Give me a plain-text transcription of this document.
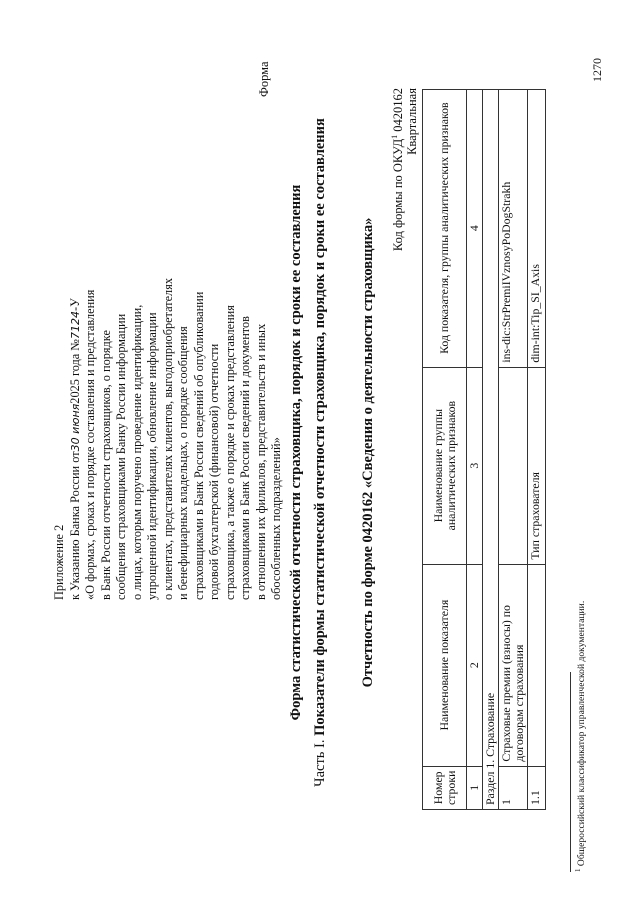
Приложение 2 к Указанию Банка России от30 июня2025 года №7124-У «О формах, сроках и порядке составления и представления в Банк России отчетности страховщиков, о порядке сообщения страховщиками Банку России информации о лицах, которым поручено проведение идентификации, упрощенной идентификации, обновление информации о клиентах, представителях клиентов, выгодоприобретателях и бенефициарных владельцах, о порядке сообщения страховщиками в Банк России сведений об опубликовании годовой бухгалтерской (финансовой) отчетности страховщика, а также о порядке и сроках представления страховщиками в Банк России сведений и документов в отношении их филиалов, представительств и иных обособленных подразделений»
Форма
Форма статистической отчетности страховщика, порядок и сроки ее составления
Часть I. Показатели формы статистической отчетности страховщика, порядок и сроки ее составления Отчетность по форме 0420162 «Сведения о деятельности страховщика»
Код формы по ОКУД$^1$ 0420162 Квартальная
Номер строки	Наименование показателя	Наименование группы аналитических признаков	Код показателя, группы аналитических признаков
1	2	3	4
Раздел 1. Страхование			
1	Страховые премии (взносы) по договорам страхования		ins-dic:StrPremiIVznosyPoDogStrakh
1.1		Тип страхователя	dim-int:Tip_SI_Axis
$^1$ Общероссийский классификатор управленческой документации.
1270
